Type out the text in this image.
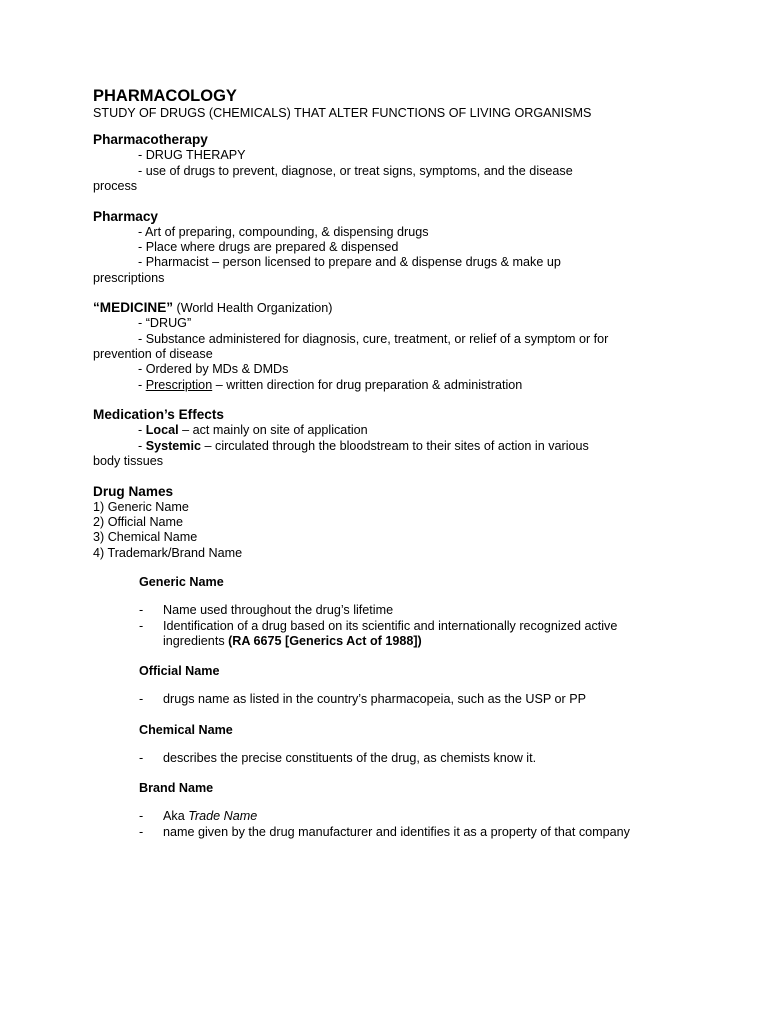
PHARMACOLOGY

STUDY OF DRUGS (CHEMICALS) THAT ALTER FUNCTIONS OF LIVING ORGANISMS

Pharmacotherapy

- DRUG THERAPY

- use of drugs to prevent, diagnose, or treat signs, symptoms, and the disease

process

Pharmacy

- Art of preparing, compounding, & dispensing drugs

- Place where drugs are prepared & dispensed

- Pharmacist – person licensed to prepare and & dispense drugs & make up

prescriptions

“MEDICINE” (World Health Organization)

- “DRUG”

- Substance administered for diagnosis, cure, treatment, or relief of a symptom or for

prevention of disease

- Ordered by MDs & DMDs

- Prescription – written direction for drug preparation & administration

Medication’s Effects

- Local – act mainly on site of application

- Systemic – circulated through the bloodstream to their sites of action in various

body tissues

Drug Names

1) Generic Name

2) Official Name

3) Chemical Name

4) Trademark/Brand Name

Generic Name

-	Name used throughout the drug’s lifetime
-	Identification of a drug based on its scientific and internationally recognized active ingredients (RA 6675 [Generics Act of 1988])

Official Name

-	drugs name as listed in the country’s pharmacopeia, such as the USP or PP

Chemical Name

-	describes the precise constituents of the drug, as chemists know it.

Brand Name

-	Aka Trade Name
-	name given by the drug manufacturer and identifies it as a property of that company
